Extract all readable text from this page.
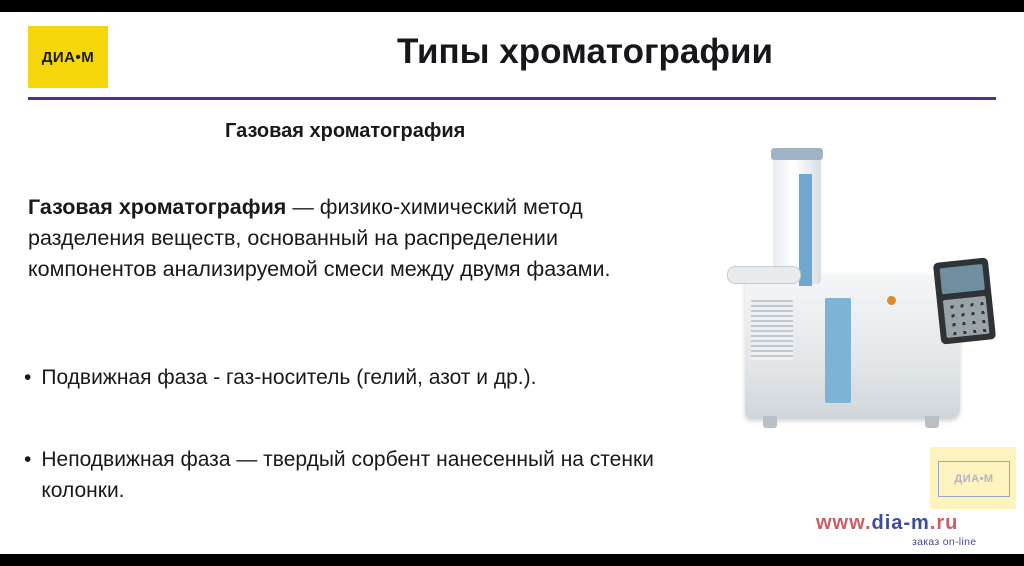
ДИА•М	Типы хроматографии
Газовая хроматография
Газовая хроматография — физико-химический метод разделения веществ, основанный на распределении компонентов анализируемой смеси между двумя фазами.
• Подвижная фаза - газ-носитель (гелий, азот и др.).
• Неподвижная фаза — твердый сорбент нанесенный на стенки колонки.	ДИА•М
www.dia-m.ru
заказ on-line
